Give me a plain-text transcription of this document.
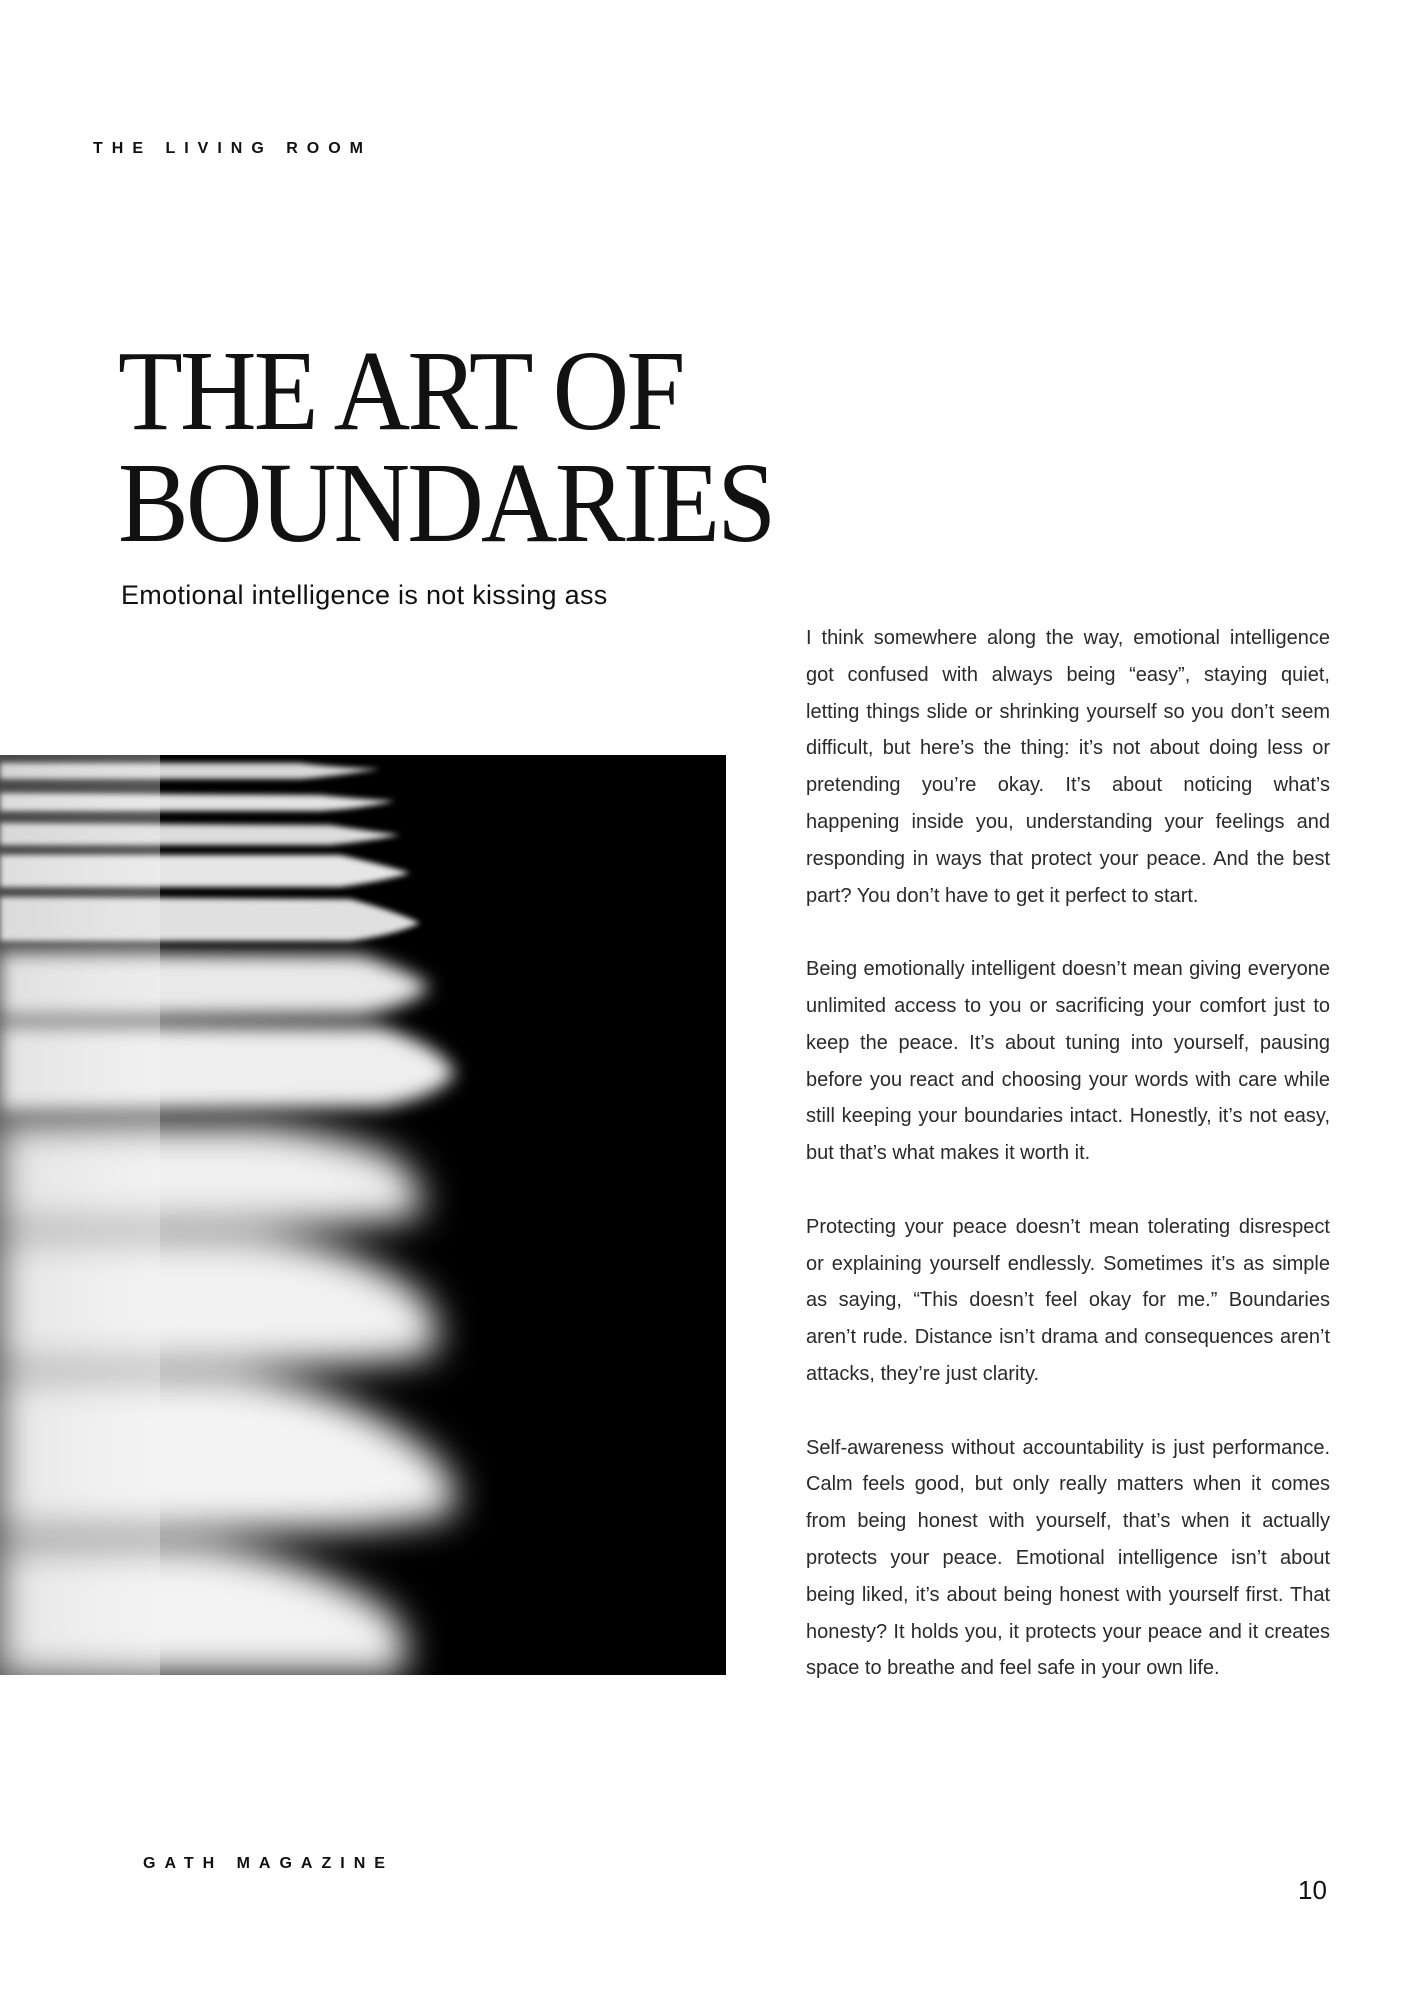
THE LIVING ROOM
THE ART OF
BOUNDARIES
Emotional intelligence is not kissing ass

I think somewhere along the way, emotional intelligence got confused with always being “easy”, staying quiet, letting things slide or shrinking yourself so you don’t seem difficult, but here’s the thing: it’s not about doing less or pretending you’re okay. It’s about noticing what’s happening inside you, understanding your feelings and responding in ways that protect your peace. And the best part? You don’t have to get it perfect to start.

Being emotionally intelligent doesn’t mean giving everyone unlimited access to you or sacrificing your comfort just to keep the peace. It’s about tuning into yourself, pausing before you react and choosing your words with care while still keeping your boundaries intact. Honestly, it’s not easy, but that’s what makes it worth it.

Protecting your peace doesn’t mean tolerating disrespect or explaining yourself endlessly. Sometimes it’s as simple as saying, “This doesn’t feel okay for me.” Boundaries aren’t rude. Distance isn’t drama and consequences aren’t attacks, they’re just clarity.

Self-awareness without accountability is just performance. Calm feels good, but only really matters when it comes from being honest with yourself, that’s when it actually protects your peace. Emotional intelligence isn’t about being liked, it’s about being honest with yourself first. That honesty? It holds you, it protects your peace and it creates space to breathe and feel safe in your own life.

GATH MAGAZINE
10
